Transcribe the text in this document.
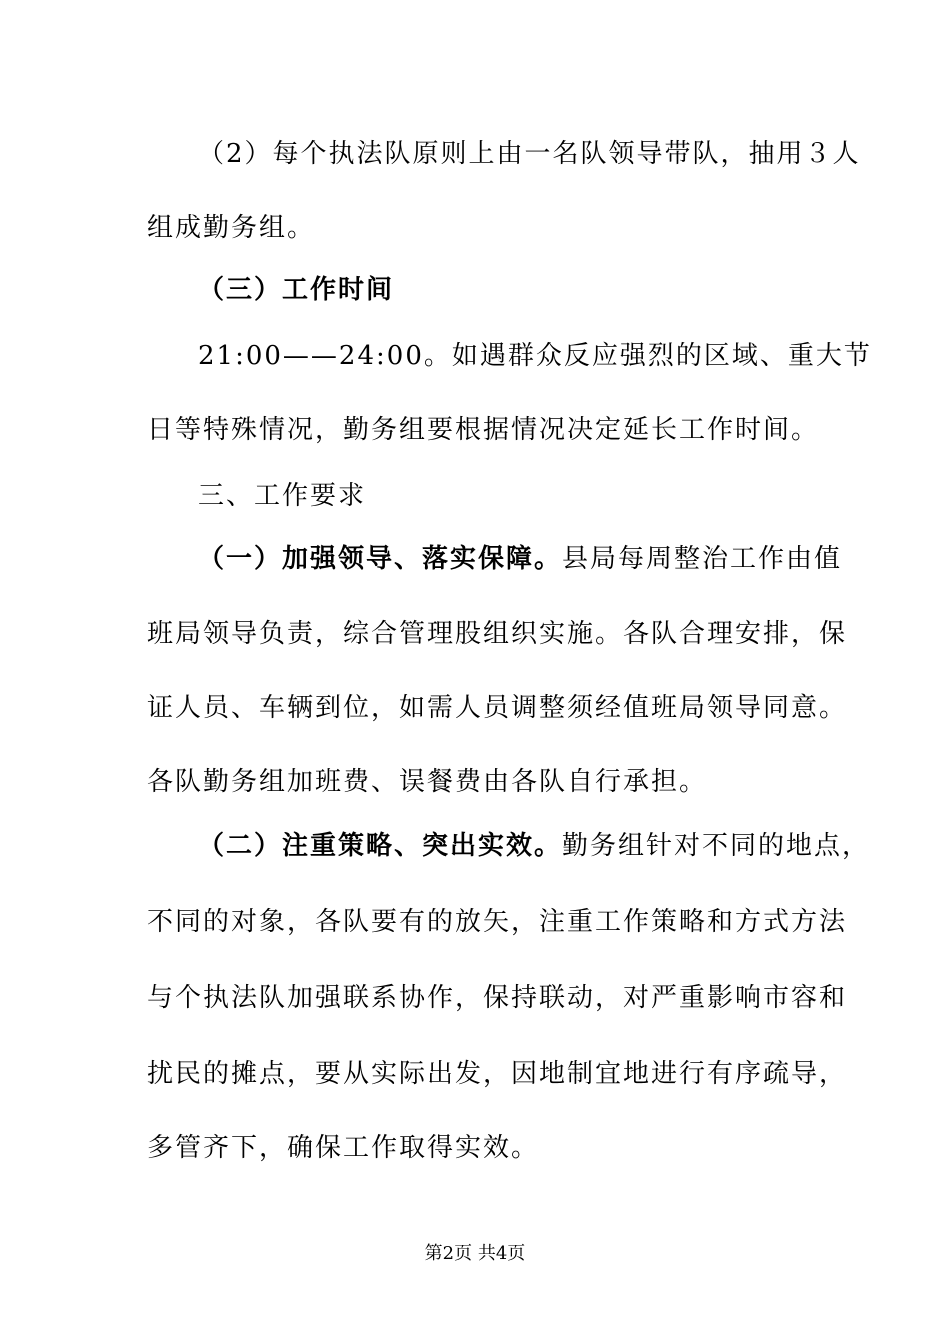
（2）每个执法队原则上由一名队领导带队，抽用３人
组成勤务组。
（三）工作时间
21:00——24:00。如遇群众反应强烈的区域、重大节
日等特殊情况，勤务组要根据情况决定延长工作时间。
三、工作要求
（一）加强领导、落实保障。县局每周整治工作由值
班局领导负责，综合管理股组织实施。各队合理安排，保
证人员、车辆到位，如需人员调整须经值班局领导同意。
各队勤务组加班费、误餐费由各队自行承担。
（二）注重策略、突出实效。勤务组针对不同的地点，
不同的对象，各队要有的放矢，注重工作策略和方式方法
与个执法队加强联系协作，保持联动，对严重影响市容和
扰民的摊点，要从实际出发，因地制宜地进行有序疏导，
多管齐下，确保工作取得实效。
第2页 共4页
